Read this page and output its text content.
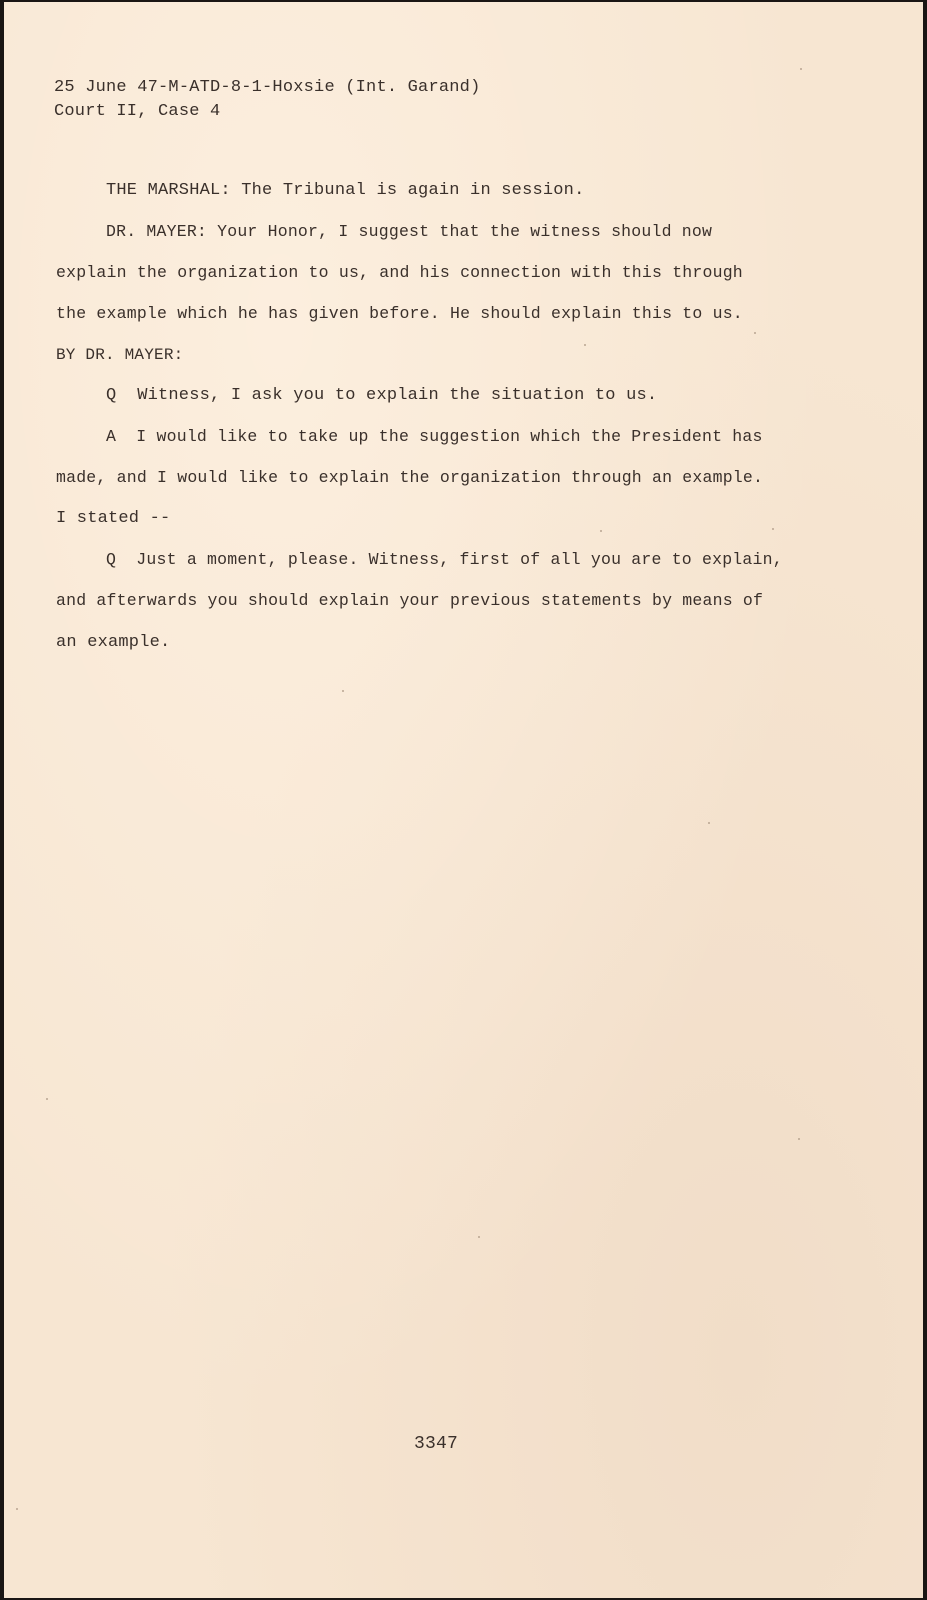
25 June 47-M-ATD-8-1-Hoxsie (Int. Garand)
Court II, Case 4
THE MARSHAL: The Tribunal is again in session.
DR. MAYER: Your Honor, I suggest that the witness should now
explain the organization to us, and his connection with this through
the example which he has given before. He should explain this to us.
BY DR. MAYER:
Q  Witness, I ask you to explain the situation to us.
A  I would like to take up the suggestion which the President has
made, and I would like to explain the organization through an example.
I stated --
Q  Just a moment, please. Witness, first of all you are to explain,
and afterwards you should explain your previous statements by means of
an example.
3347
